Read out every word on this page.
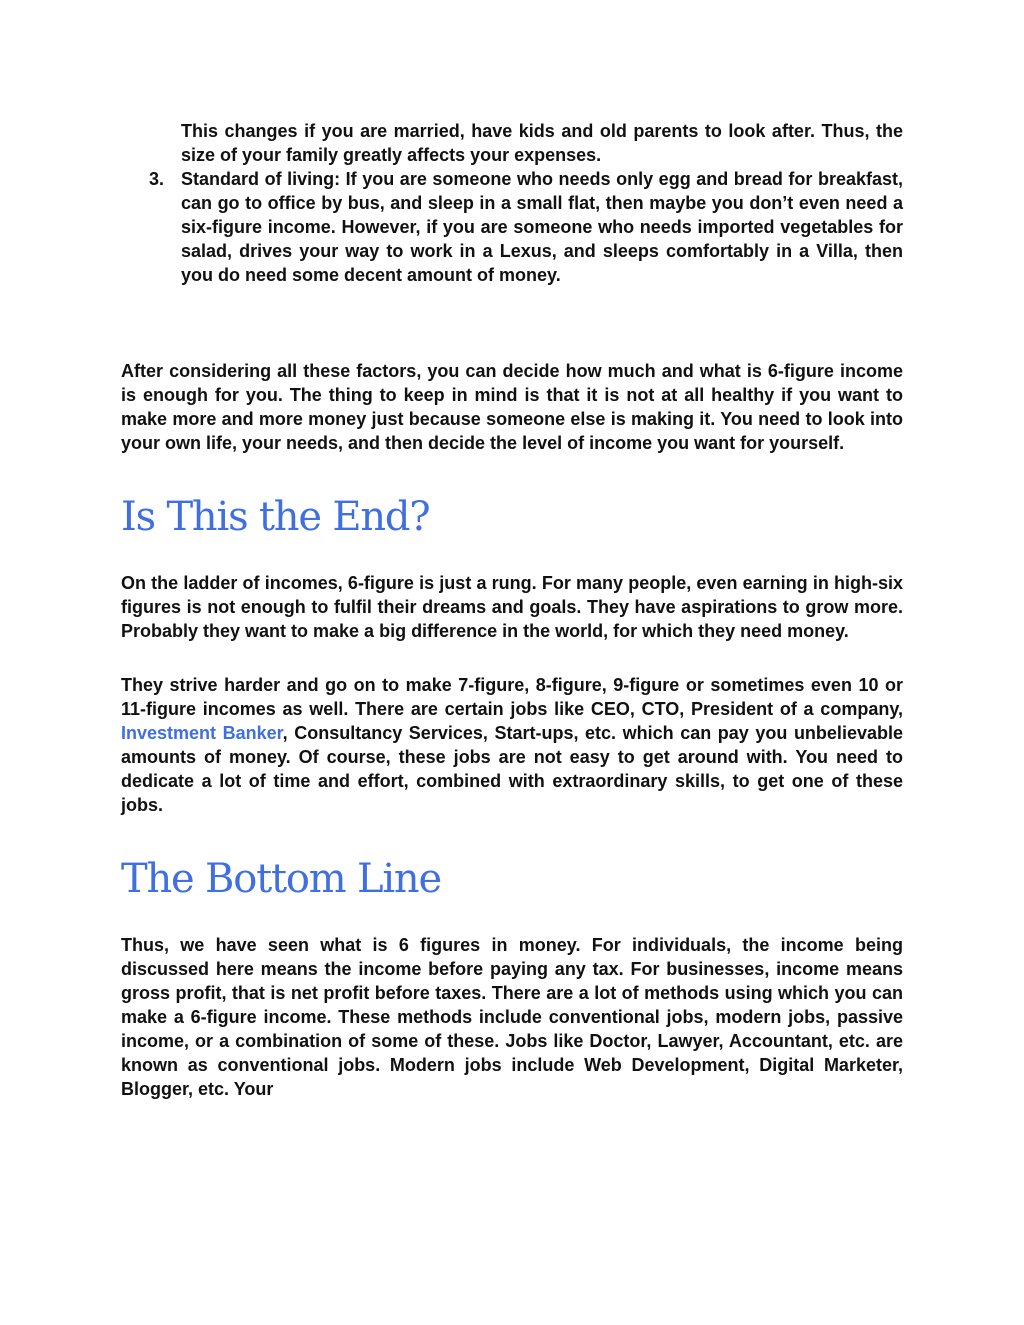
This changes if you are married, have kids and old parents to look after. Thus, the size of your family greatly affects your expenses.
3. Standard of living: If you are someone who needs only egg and bread for breakfast, can go to office by bus, and sleep in a small flat, then maybe you don’t even need a six-figure income. However, if you are someone who needs imported vegetables for salad, drives your way to work in a Lexus, and sleeps comfortably in a Villa, then you do need some decent amount of money.

After considering all these factors, you can decide how much and what is 6-figure income is enough for you. The thing to keep in mind is that it is not at all healthy if you want to make more and more money just because someone else is making it. You need to look into your own life, your needs, and then decide the level of income you want for yourself.

Is This the End?

On the ladder of incomes, 6-figure is just a rung. For many people, even earning in high-six figures is not enough to fulfil their dreams and goals. They have aspirations to grow more. Probably they want to make a big difference in the world, for which they need money.

They strive harder and go on to make 7-figure, 8-figure, 9-figure or sometimes even 10 or 11-figure incomes as well. There are certain jobs like CEO, CTO, President of a company, Investment Banker, Consultancy Services, Start-ups, etc. which can pay you unbelievable amounts of money. Of course, these jobs are not easy to get around with. You need to dedicate a lot of time and effort, combined with extraordinary skills, to get one of these jobs.

The Bottom Line

Thus, we have seen what is 6 figures in money. For individuals, the income being discussed here means the income before paying any tax. For businesses, income means gross profit, that is net profit before taxes. There are a lot of methods using which you can make a 6-figure income. These methods include conventional jobs, modern jobs, passive income, or a combination of some of these. Jobs like Doctor, Lawyer, Accountant, etc. are known as conventional jobs. Modern jobs include Web Development, Digital Marketer, Blogger, etc. Your
